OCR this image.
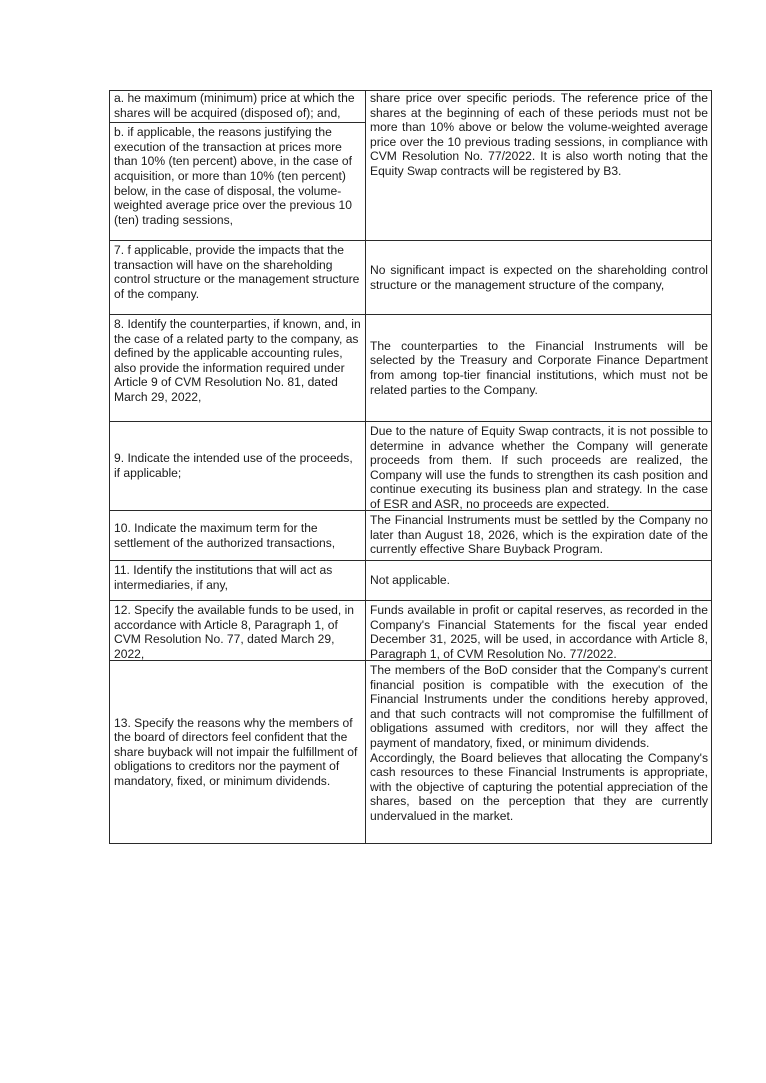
a. he maximum (minimum) price at which the shares will be acquired (disposed of); and,
b. if applicable, the reasons justifying the execution of the transaction at prices more than 10% (ten percent) above, in the case of acquisition, or more than 10% (ten percent) below, in the case of disposal, the volume-weighted average price over the previous 10 (ten) trading sessions,
share price over specific periods. The reference price of the shares at the beginning of each of these periods must not be more than 10% above or below the volume-weighted average price over the 10 previous trading sessions, in compliance with CVM Resolution No. 77/2022. It is also worth noting that the Equity Swap contracts will be registered by B3.
7. f applicable, provide the impacts that the transaction will have on the shareholding control structure or the management structure of the company.
No significant impact is expected on the shareholding control structure or the management structure of the company,
8. Identify the counterparties, if known, and, in the case of a related party to the company, as defined by the applicable accounting rules, also provide the information required under Article 9 of CVM Resolution No. 81, dated March 29, 2022,
The counterparties to the Financial Instruments will be selected by the Treasury and Corporate Finance Department from among top-tier financial institutions, which must not be related parties to the Company.
9. Indicate the intended use of the proceeds, if applicable;
Due to the nature of Equity Swap contracts, it is not possible to determine in advance whether the Company will generate proceeds from them. If such proceeds are realized, the Company will use the funds to strengthen its cash position and continue executing its business plan and strategy. In the case of ESR and ASR, no proceeds are expected.
10. Indicate the maximum term for the settlement of the authorized transactions,
The Financial Instruments must be settled by the Company no later than August 18, 2026, which is the expiration date of the currently effective Share Buyback Program.
11. Identify the institutions that will act as intermediaries, if any,	Not applicable.
12. Specify the available funds to be used, in accordance with Article 8, Paragraph 1, of CVM Resolution No. 77, dated March 29, 2022,
Funds available in profit or capital reserves, as recorded in the Company's Financial Statements for the fiscal year ended December 31, 2025, will be used, in accordance with Article 8, Paragraph 1, of CVM Resolution No. 77/2022.
13. Specify the reasons why the members of the board of directors feel confident that the share buyback will not impair the fulfillment of obligations to creditors nor the payment of mandatory, fixed, or minimum dividends.

The members of the BoD consider that the Company's current financial position is compatible with the execution of the Financial Instruments under the conditions hereby approved, and that such contracts will not compromise the fulfillment of obligations assumed with creditors, nor will they affect the payment of mandatory, fixed, or minimum dividends.

Accordingly, the Board believes that allocating the Company's cash resources to these Financial Instruments is appropriate, with the objective of capturing the potential appreciation of the shares, based on the perception that they are currently undervalued in the market.
